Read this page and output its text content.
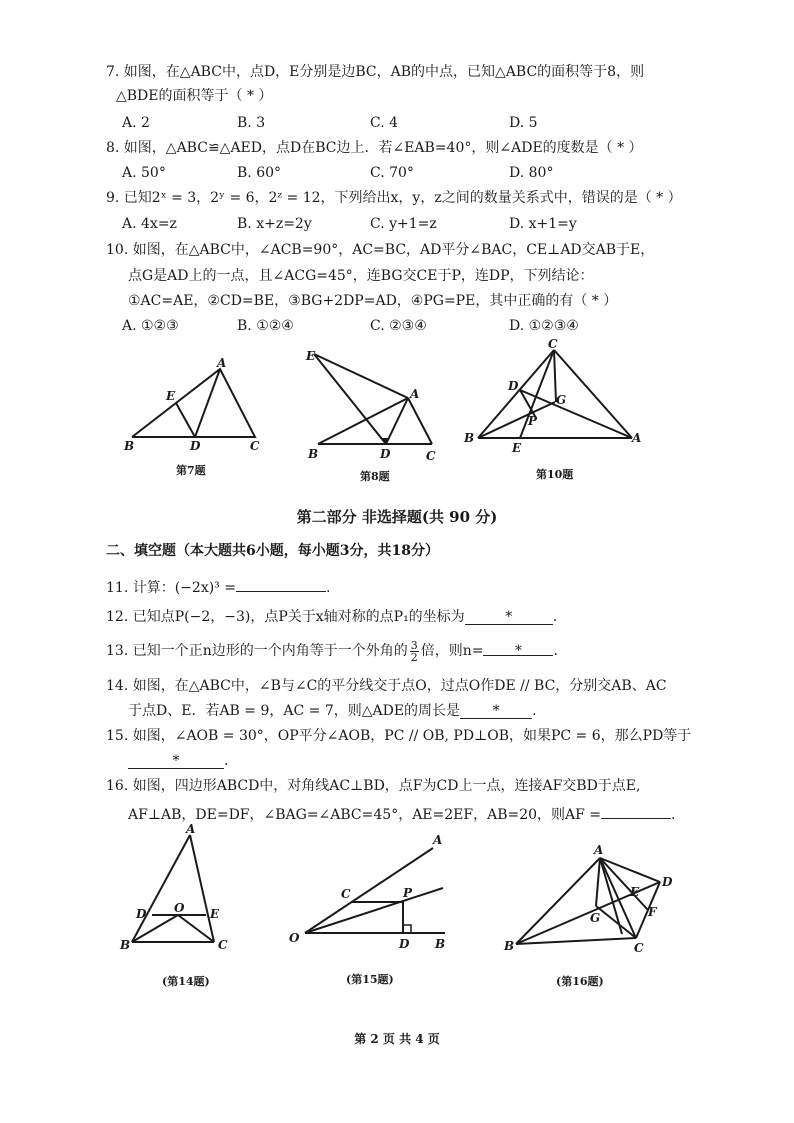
7. 如图，在△ABC中，点D，E分别是边BC，AB的中点，已知△ABC的面积等于8，则
△BDE的面积等于（ * ）
A. 2	B. 3	C. 4	D. 5
8. 如图，△ABC≌△AED，点D在BC边上．若∠EAB=40°，则∠ADE的度数是（ * ）
A. 50°	B. 60°	C. 70°	D. 80°
9. 已知2ˣ = 3，2ʸ = 6，2ᶻ = 12，下列给出x，y，z之间的数量关系式中，错误的是（ * ）
A. 4x=z	B. x+z=2y	C. y+1=z	D. x+1=y
10. 如图，在△ABC中，∠ACB=90°，AC=BC，AD平分∠BAC，CE⊥AD交AB于E，
点G是AD上的一点，且∠ACG=45°，连BG交CE于P，连DP，下列结论：
①AC=AE，②CD=BE，③BG+2DP=AD，④PG=PE，其中正确的有（ * ）
A. ①②③	B. ①②④	C. ②③④	D. ①②③④
A
E
B	D	C
第7题
E
A
B	D	C
第8题
C
D
G
P
B
E
A
第10题
第二部分 非选择题(共 90 分)
二、填空题（本大题共6小题，每小题3分，共18分）
11. 计算：(−2x)³ =	.
12. 已知点P(−2，−3)，点P关于x轴对称的点P₁的坐标为	*	.
13. 已知一个正n边形的一个内角等于一个外角的 $\frac{3}{2}$ 倍，则n= * .
14. 如图，在△ABC中，∠B与∠C的平分线交于点O，过点O作DE // BC，分别交AB、AC
于点D、E．若AB = 9，AC = 7，则△ADE的周长是 * .
15. 如图，∠AOB = 30°，OP平分∠AOB，PC // OB, PD⊥OB，如果PC = 6，那么PD等于
*	.
16. 如图，四边形ABCD中，对角线AC⊥BD，点F为CD上一点，连接AF交BD于点E,
AF⊥AB，DE=DF，∠BAG=∠ABC=45°，AE=2EF，AB=20，则AF =	.
A
D O E
B	C
(第14题)
A
C	P
O	D B
(第15题)
A
D
E
F
G
B	C
(第16题)
第 2 页 共 4 页
